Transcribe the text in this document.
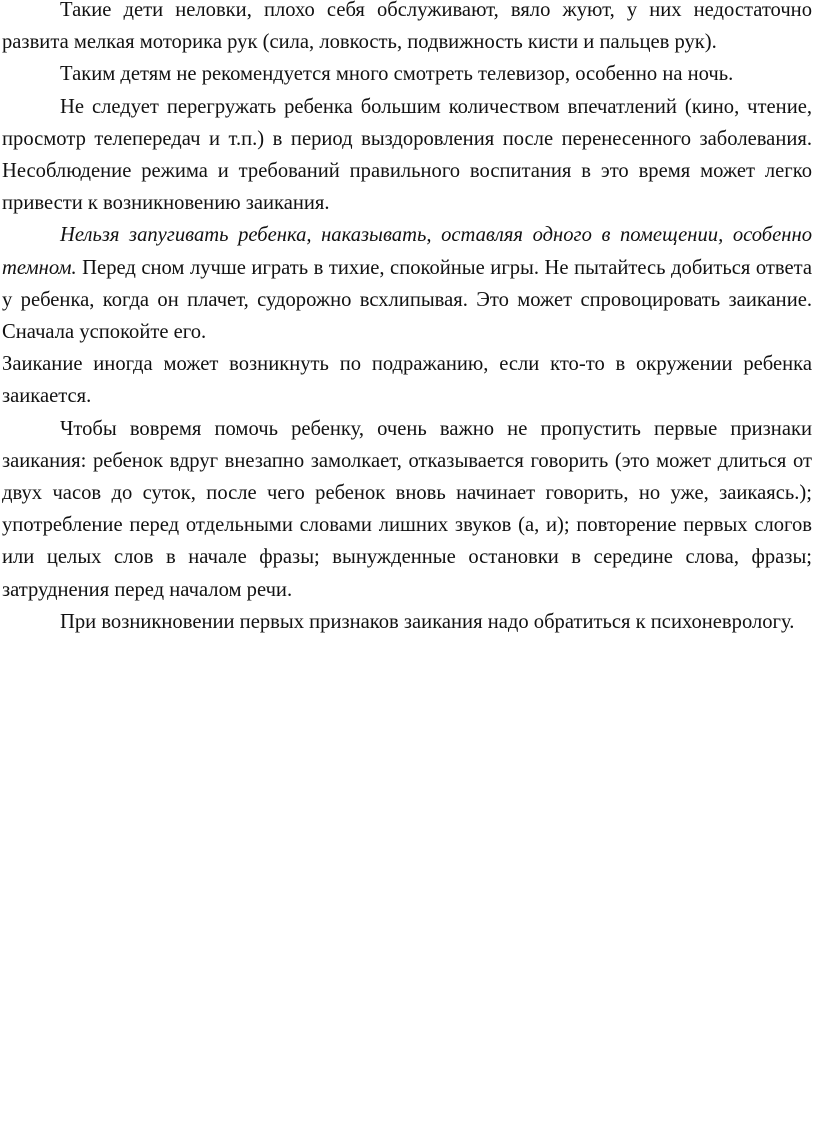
Такие дети неловки, плохо себя обслуживают, вяло жуют, у них недостаточно развита мелкая моторика рук (сила, ловкость, подвижность кисти и пальцев рук).

Таким детям не рекомендуется много смотреть телевизор, особенно на ночь.

Не следует перегружать ребенка большим количеством впечатлений (кино, чтение, просмотр телепередач и т.п.) в период выздоровления после перенесенного заболевания. Несоблюдение режима и требований правильного воспитания в это время может легко привести к возникновению заикания.

Нельзя запугивать ребенка, наказывать, оставляя одного в помещении, особенно темном. Перед сном лучше играть в тихие, спокойные игры. Не пытайтесь добиться ответа у ребенка, когда он плачет, судорожно всхлипывая. Это может спровоцировать заикание. Сначала успокойте его.

Заикание иногда может возникнуть по подражанию, если кто-то в окружении ребенка заикается.

Чтобы вовремя помочь ребенку, очень важно не пропустить первые признаки заикания: ребенок вдруг внезапно замолкает, отказывается говорить (это может длиться от двух часов до суток, после чего ребенок вновь начинает говорить, но уже, заикаясь.); употребление перед отдельными словами лишних звуков (а, и); повторение первых слогов или целых слов в начале фразы; вынужденные остановки в середине слова, фразы; затруднения перед началом речи.

При возникновении первых признаков заикания надо обратиться к психоневрологу.
